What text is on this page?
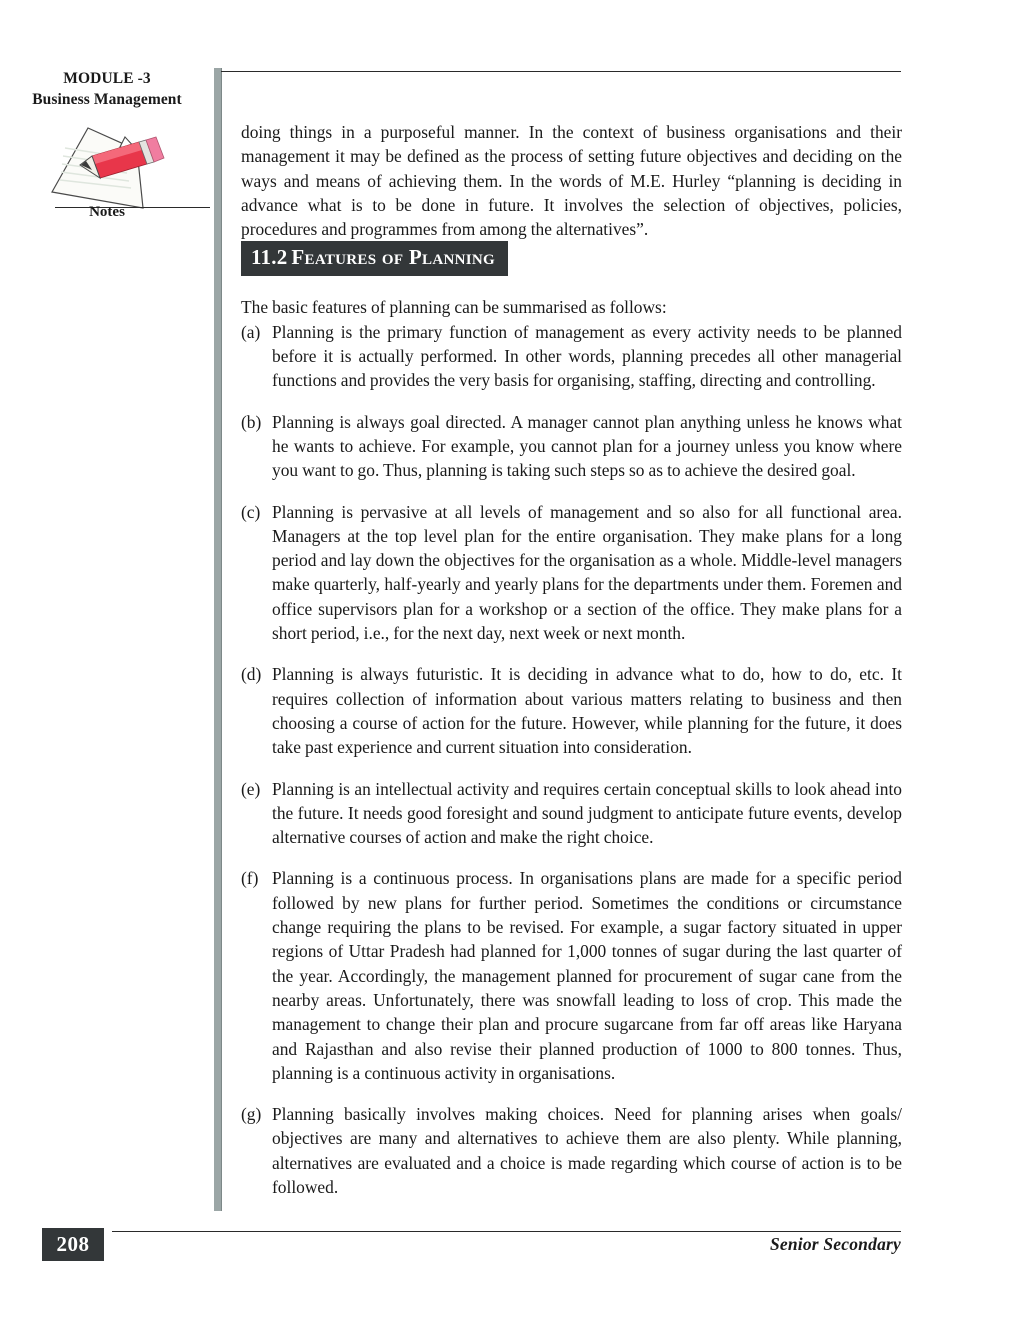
MODULE -3
Business Management
Notes

doing things in a purposeful manner. In the context of business organisations and their management it may be defined as the process of setting future objectives and deciding on the ways and means of achieving them. In the words of M.E. Hurley “planning is deciding in advance what is to be done in future. It involves the selection of objectives, policies, procedures and programmes from among the alternatives”.

11.2 Features of Planning

The basic features of planning can be summarised as follows:

(a) Planning is the primary function of management as every activity needs to be planned before it is actually performed. In other words, planning precedes all other managerial functions and provides the very basis for organising, staffing, directing and controlling.
(b) Planning is always goal directed. A manager cannot plan anything unless he knows what he wants to achieve. For example, you cannot plan for a journey unless you know where you want to go. Thus, planning is taking such steps so as to achieve the desired goal.
(c) Planning is pervasive at all levels of management and so also for all functional area. Managers at the top level plan for the entire organisation. They make plans for a long period and lay down the objectives for the organisation as a whole. Middle-level managers make quarterly, half-yearly and yearly plans for the departments under them. Foremen and office supervisors plan for a workshop or a section of the office. They make plans for a short period, i.e., for the next day, next week or next month.
(d) Planning is always futuristic. It is deciding in advance what to do, how to do, etc. It requires collection of information about various matters relating to business and then choosing a course of action for the future. However, while planning for the future, it does take past experience and current situation into consideration.
(e) Planning is an intellectual activity and requires certain conceptual skills to look ahead into the future. It needs good foresight and sound judgment to anticipate future events, develop alternative courses of action and make the right choice.
(f) Planning is a continuous process. In organisations plans are made for a specific period followed by new plans for further period. Sometimes the conditions or circumstance change requiring the plans to be revised. For example, a sugar factory situated in upper regions of Uttar Pradesh had planned for 1,000 tonnes of sugar during the last quarter of the year. Accordingly, the management planned for procurement of sugar cane from the nearby areas. Unfortunately, there was snowfall leading to loss of crop. This made the management to change their plan and procure sugarcane from far off areas like Haryana and Rajasthan and also revise their planned production of 1000 to 800 tonnes. Thus, planning is a continuous activity in organisations.
(g) Planning basically involves making choices. Need for planning arises when goals/ objectives are many and alternatives to achieve them are also plenty. While planning, alternatives are evaluated and a choice is made regarding which course of action is to be followed.
208	Senior Secondary
